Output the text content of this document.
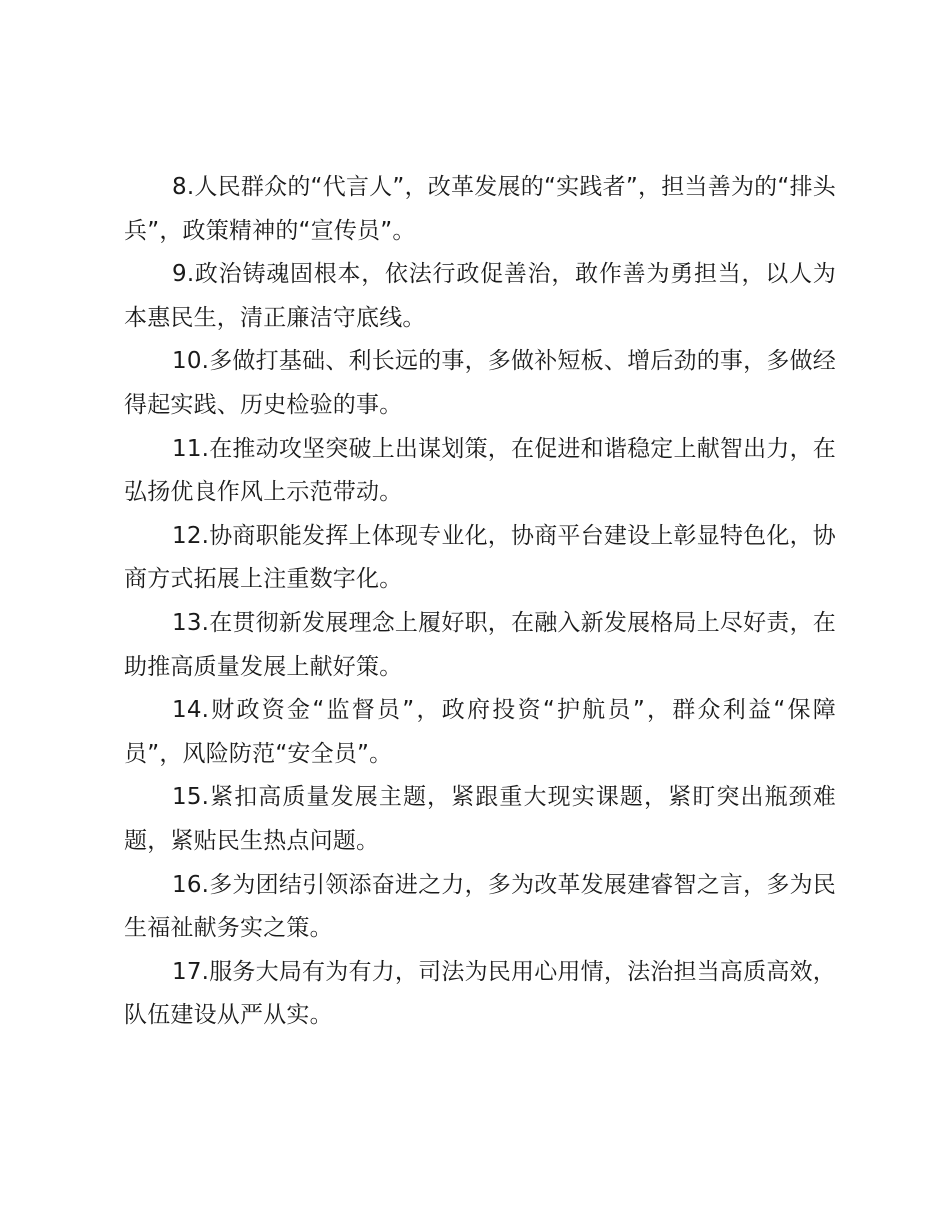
8.人民群众的“代言人”，改革发展的“实践者”，担当善为的“排头兵”，政策精神的“宣传员”。

9.政治铸魂固根本，依法行政促善治，敢作善为勇担当，以人为本惠民生，清正廉洁守底线。

10.多做打基础、利长远的事，多做补短板、增后劲的事，多做经得起实践、历史检验的事。

11.在推动攻坚突破上出谋划策，在促进和谐稳定上献智出力，在弘扬优良作风上示范带动。

12.协商职能发挥上体现专业化，协商平台建设上彰显特色化，协商方式拓展上注重数字化。

13.在贯彻新发展理念上履好职，在融入新发展格局上尽好责，在助推高质量发展上献好策。

14.财政资金“监督员”，政府投资“护航员”，群众利益“保障员”，风险防范“安全员”。

15.紧扣高质量发展主题，紧跟重大现实课题，紧盯突出瓶颈难题，紧贴民生热点问题。

16.多为团结引领添奋进之力，多为改革发展建睿智之言，多为民生福祉献务实之策。

17.服务大局有为有力，司法为民用心用情，法治担当高质高效，队伍建设从严从实。
